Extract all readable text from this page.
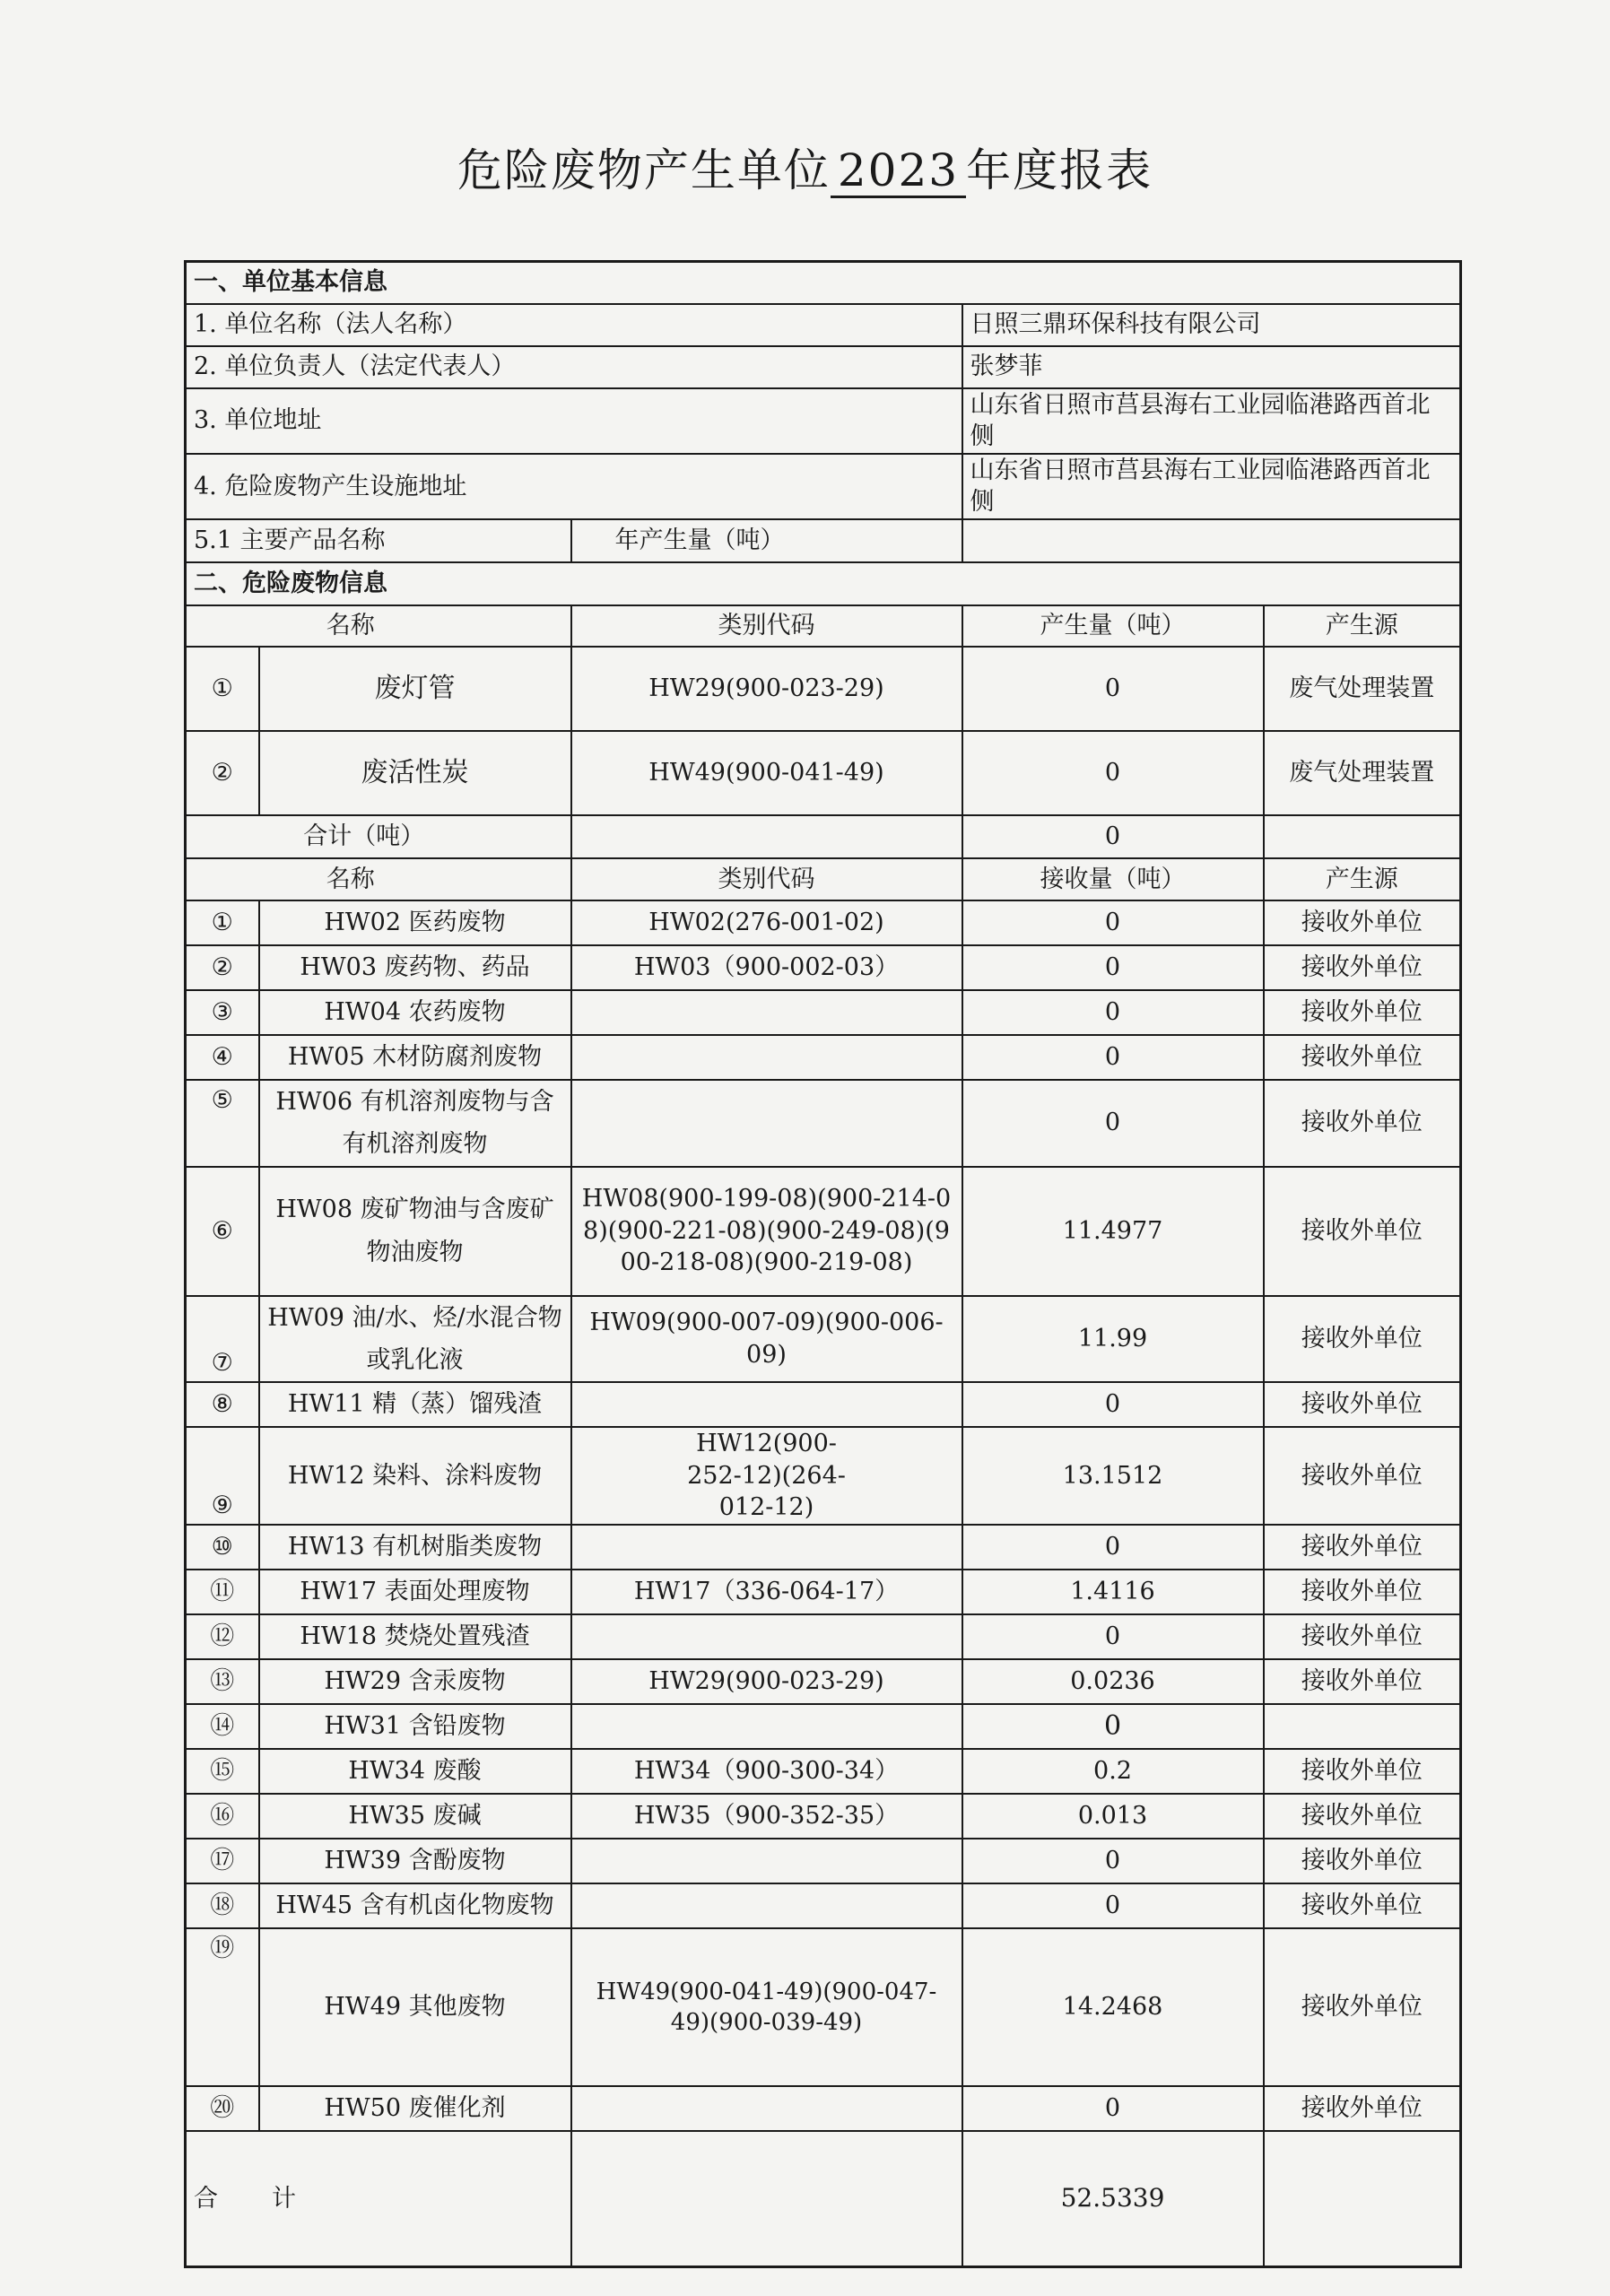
危险废物产生单位 2023 年度报表
一、单位基本信息				
1. 单位名称（法人名称）			日照三鼎环保科技有限公司	
2. 单位负责人（法定代表人）			张梦菲	
3. 单位地址			山东省日照市莒县海右工业园临港路西首北侧	
4. 危险废物产生设施地址			山东省日照市莒县海右工业园临港路西首北侧	
5.1 主要产品名称		年产生量（吨）		
二、危险废物信息				
名称		类别代码	产生量（吨）	产生源
①	废灯管	HW29(900-023-29)	0	废气处理装置
②	废活性炭	HW49(900-041-49)	0	废气处理装置
合计（吨）			0	
名称		类别代码	接收量（吨）	产生源
①	HW02 医药废物	HW02(276-001-02)	0	接收外单位
②	HW03 废药物、药品	HW03（900-002-03）	0	接收外单位
③	HW04 农药废物		0	接收外单位
④	HW05 木材防腐剂废物		0	接收外单位
⑤	HW06 有机溶剂废物与含有机溶剂废物		0	接收外单位
⑥	HW08 废矿物油与含废矿物油废物	HW08(900-199-08)(900-214-08)(900-221-08)(900-249-08)(900-218-08)(900-219-08)	11.4977	接收外单位
⑦	HW09 油/水、烃/水混合物或乳化液	HW09(900-007-09)(900-006-09)	11.99	接收外单位
⑧	HW11 精（蒸）馏残渣		0	接收外单位
⑨	HW12 染料、涂料废物	HW12(900-252-12)(264-012-12)	13.1512	接收外单位
⑩	HW13 有机树脂类废物		0	接收外单位
⑪	HW17 表面处理废物	HW17（336-064-17）	1.4116	接收外单位
⑫	HW18 焚烧处置残渣		0	接收外单位
⑬	HW29 含汞废物	HW29(900-023-29)	0.0236	接收外单位
⑭	HW31 含铅废物		0	
⑮	HW34 废酸	HW34（900-300-34）	0.2	接收外单位
⑯	HW35 废碱	HW35（900-352-35）	0.013	接收外单位
⑰	HW39 含酚废物		0	接收外单位
⑱	HW45 含有机卤化物废物		0	接收外单位
⑲	HW49 其他废物	HW49(900-041-49)(900-047-49)(900-039-49)	14.2468	接收外单位
⑳	HW50 废催化剂		0	接收外单位
合计			52.5339	
